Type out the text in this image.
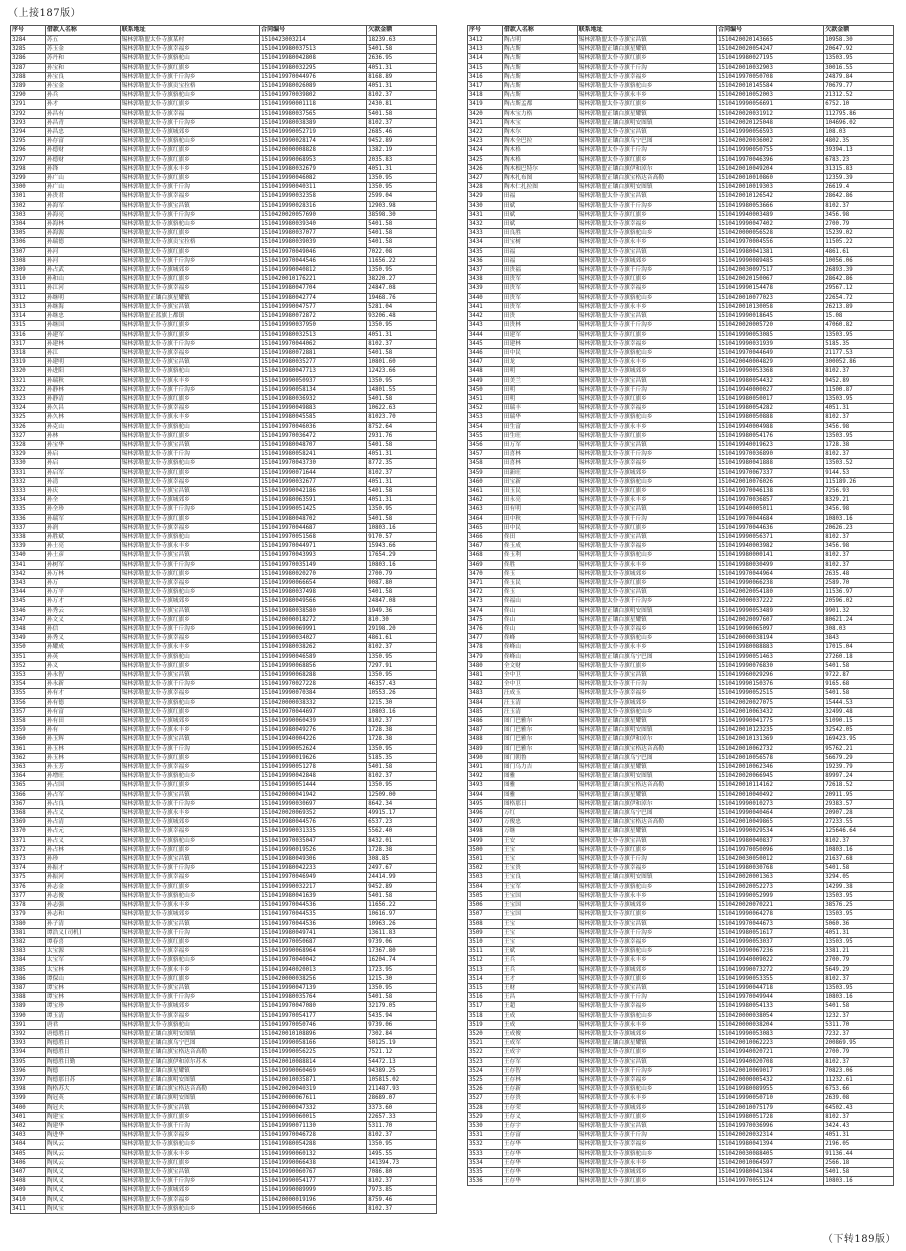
（上接187版）
序号	借款人名称	联系地址	合同编号	欠款金额
3284	苏五	锡林郭勒盟太仆寺旗某村	1510423003214	18239.63
3285	苏玉金	锡林郭勒盟太仆寺旗幸福乡	1510419980037513	5401.58
3286	苏丹和	锡林郭勒盟太仆寺旗骆驼山	1510419980042808	2636.95
3287	孙宝和	锡林郭勒盟太仆寺旗红旗乡	1510419980032295	4051.31
3288	孙宝良	锡林郭勒盟太仆寺旗千斤沟乡	1510419970044976	8168.89
3289	孙宝金	锡林郭勒盟太仆寺旗贡宝拉格	1510419980026089	4051.31
3290	孙兵	锡林郭勒盟太仆寺旗骆驼山乡	1510419970039802	8102.37
3291	孙才	锡林郭勒盟太仆寺旗红旗乡	1510419990001118	2430.81
3292	孙昌有	锡林郭勒盟太仆寺旗幸福	1510419980037565	5401.58
3293	孙昌青	锡林郭勒盟太仆寺旗千斤沟乡	1510419980038389	8102.37
3294	孙昌忠	锡林郭勒盟太仆寺旗城郊乡	1510419990052719	2685.46
3295	孙存富	锡林郭勒盟太仆寺旗骆驼山乡	1510419990028174	9452.89
3296	孙德财	锡林郭勒盟太仆寺旗红旗乡	1510420000008828	1382.19
3297	孙德财	锡林郭勒盟太仆寺旗红旗乡	1510419990068953	2035.83
3298	孙锋	锡林郭勒盟太仆寺旗永丰乡	1510419980032679	4051.31
3299	孙广山	锡林郭勒盟太仆寺旗红旗乡	1510419990046082	1350.95
3300	孙广山	锡林郭勒盟太仆寺旗千斤沟	1510419990040311	1350.95
3301	孙贵君	锡林郭勒盟太仆寺旗幸福乡	1510419990032358	2599.04
3302	孙海军	锡林郭勒盟太仆寺旗宝昌镇	1510419990028316	12903.98
3303	孙海亮	锡林郭勒盟太仆寺旗千斤沟乡	1510420020057690	38598.30
3304	孙海林	锡林郭勒盟太仆寺旗骆驼山乡	1510419980039340	5401.58
3305	孙海源	锡林郭勒盟太仆寺旗红旗乡	1510419980037077	5401.58
3306	孙瑞德	锡林郭勒盟太仆寺旗贡宝拉格	1510419980039039	5401.58
3307	孙河	锡林郭勒盟太仆寺旗红旗乡	1510419970049046	7022.08
3308	孙河	锡林郭勒盟太仆寺旗千斤沟乡	1510419970044546	11656.22
3309	孙占武	锡林郭勒盟太仆寺旗城郊乡	1510419990040812	1350.95
3310	孙和山	锡林郭勒盟太仆寺旗红旗乡	1510420010176221	38220.27
3311	孙江河	锡林郭勒盟太仆寺旗幸福乡	1510419980047704	24847.08
3312	孙继明	锡林郭勒盟正镶白旗星耀镇	1510419980042774	19468.76
3313	孙继海	锡林郭勒盟太仆寺旗宝昌镇	1510419990047577	5281.04
3314	孙继忠	锡林郭勒盟正蓝旗上都镇	1510419980072872	93206.48
3315	孙继国	锡林郭勒盟太仆寺旗红旗乡	1510419990037950	1350.95
3316	孙建军	锡林郭勒盟太仆寺旗红旗乡	1510419980032513	4051.31
3317	孙建林	锡林郭勒盟太仆寺旗千斤沟乡	1510419970044062	8102.37
3318	孙江	锡林郭勒盟太仆寺旗幸福乡	1510419980072881	5401.58
3319	孙建明	锡林郭勒盟太仆寺旗宝昌镇	1510419980035277	10801.60
3320	孙进阳	锡林郭勒盟太仆寺旗骆驼山	1510419980047713	12423.66
3321	孙瑞秋	锡林郭勒盟太仆寺旗永丰乡	1510419990050937	1350.95
3322	孙静林	锡林郭勒盟太仆寺旗千斤沟乡	1510419990058134	14801.55
3323	孙静清	锡林郭勒盟太仆寺旗红旗乡	1510419980036932	5401.58
3324	孙久昌	锡林郭勒盟太仆寺旗幸福乡	1510419990049883	10622.63
3325	孙久林	锡林郭勒盟太仆寺旗永丰乡	1510419980045585	81023.70
3326	孙克山	锡林郭勒盟太仆寺旗骆驼山	1510419970046036	8752.64
3327	孙林	锡林郭勒盟太仆寺旗红旗乡	1510419970036472	2931.76
3328	孙宝华	锡林郭勒盟太仆寺旗宝昌镇	1510419980048707	5401.58
3329	孙启	锡林郭勒盟太仆寺旗千斤沟	1510419980058241	4051.31
3330	孙启	锡林郭勒盟太仆寺旗骆驼山乡	1510419970043730	8772.35
3331	孙启军	锡林郭勒盟太仆寺旗红旗乡	1510419990071644	8102.37
3332	孙清	锡林郭勒盟太仆寺旗幸福乡	1510419990032677	4051.31
3333	孙庆	锡林郭勒盟太仆寺旗宝昌镇	1510419990042186	5401.58
3334	孙全	锡林郭勒盟太仆寺旗城郊乡	1510419980063591	4051.31
3335	孙全珍	锡林郭勒盟太仆寺旗千斤沟乡	1510419990051425	1350.95
3336	孙瑞军	锡林郭勒盟太仆寺旗红旗乡	1510419980048702	5401.58
3337	孙润	锡林郭勒盟太仆寺旗幸福乡	1510419970044687	10803.16
3338	孙胜斌	锡林郭勒盟太仆寺旗骆驼山	1510419970051568	9170.57
3339	孙士亮	锡林郭勒盟太仆寺旗永丰乡	1510419970044971	15943.66
3340	孙士彦	锡林郭勒盟太仆寺旗宝昌镇	1510419970043993	17654.29
3341	孙树军	锡林郭勒盟太仆寺旗千斤沟乡	1510419970035149	10803.16
3342	孙万林	锡林郭勒盟太仆寺旗红旗乡	1510419980020270	2700.79
3343	孙万	锡林郭勒盟太仆寺旗幸福乡	1510419990066654	9087.80
3344	孙万平	锡林郭勒盟太仆寺旗骆驼山乡	1510419980037498	5401.58
3345	孙万才	锡林郭勒盟太仆寺旗城郊乡	1510419980049566	24847.08
3346	孙秀云	锡林郭勒盟太仆寺旗宝昌镇	1510419980038580	1949.36
3347	孙文义	锡林郭勒盟太仆寺旗红旗乡	1510420000018272	810.30
3348	孙信	锡林郭勒盟太仆寺旗千斤沟乡	1510419990069991	29198.20
3349	孙秀义	锡林郭勒盟太仆寺旗幸福乡	1510419990034027	4861.61
3350	孙耀成	锡林郭勒盟太仆寺旗永丰乡	1510419980038262	8102.37
3351	孙英	锡林郭勒盟太仆寺旗骆驼山	1510419990046589	1350.95
3352	孙义	锡林郭勒盟太仆寺旗红旗乡	1510419990068856	7297.91
3353	孙永智	锡林郭勒盟太仆寺旗宝昌镇	1510419990068288	1350.95
3354	孙永新	锡林郭勒盟太仆寺旗千斤沟乡	1510419970027228	46357.43
3355	孙有才	锡林郭勒盟太仆寺旗幸福乡	1510419990070384	10553.26
3356	孙有德	锡林郭勒盟太仆寺旗骆驼山乡	1510420000038332	1215.30
3357	孙有富	锡林郭勒盟太仆寺旗红旗乡	1510419970044697	10803.16
3358	孙有田	锡林郭勒盟太仆寺旗城郊乡	1510419990060439	8102.37
3359	孙有	锡林郭勒盟太仆寺旗永丰乡	1510419980049276	1728.38
3360	孙玉辉	锡林郭勒盟太仆寺旗宝昌镇	1510419940004226	1728.38
3361	孙玉林	锡林郭勒盟太仆寺旗千斤沟	1510419990052624	1350.95
3362	孙玉林	锡林郭勒盟太仆寺旗红旗乡	1510419990019626	5185.35
3363	孙玉芳	锡林郭勒盟太仆寺旗幸福乡	1510419990051278	5401.58
3364	孙增旺	锡林郭勒盟太仆寺旗骆驼山乡	1510419990042848	8102.37
3365	孙占国	锡林郭勒盟太仆寺旗红旗乡	1510419990051444	1350.95
3366	孙占军	锡林郭勒盟太仆寺旗宝昌镇	1510420000041942	12509.00
3367	孙占良	锡林郭勒盟太仆寺旗千斤沟乡	1510419990030697	8642.34
3368	孙占义	锡林郭勒盟太仆寺旗永丰乡	1510420020069352	49915.17
3369	孙占清	锡林郭勒盟太仆寺旗城郊乡	1510419980044576	6537.23
3370	孙占元	锡林郭勒盟太仆寺旗幸福乡	1510419990031335	5562.40
3371	孙占义	锡林郭勒盟太仆寺旗骆驼山乡	1510419970035047	8432.01
3372	孙占林	锡林郭勒盟太仆寺旗红旗乡	1510419990019526	1728.38
3373	孙珍	锡林郭勒盟太仆寺旗宝昌镇	1510419980049306	308.85
3374	孙振才	锡林郭勒盟太仆寺旗千斤沟乡	1510419980042233	2497.67
3375	孙振河	锡林郭勒盟太仆寺旗幸福乡	1510419970046949	24414.99
3376	孙志金	锡林郭勒盟太仆寺旗红旗乡	1510419990032217	9452.89
3377	孙志俊	锡林郭勒盟太仆寺旗骆驼山乡	1510419980041639	5401.58
3378	孙志强	锡林郭勒盟太仆寺旗永丰乡	1510419970044536	11656.22
3379	孙志和	锡林郭勒盟太仆寺旗城郊乡	1510419970044535	10616.97
3380	孙子清	锡林郭勒盟太仆寺旗宝昌镇	1510419970044536	10963.26
3381	谭浩义(司机)	锡林郭勒盟太仆寺旗千斤沟	1510419980049741	13611.83
3382	谭春喜	锡林郭勒盟太仆寺旗红旗乡	1510419970050687	9739.06
3383	太宝源	锡林郭勒盟太仆寺旗幸福乡	1510419990068964	17367.80
3384	太宝军	锡林郭勒盟太仆寺旗骆驼山乡	1510419970040042	16204.74
3385	太宝林	锡林郭勒盟太仆寺旗永丰乡	1510419940020013	1723.95
3386	谭保山	锡林郭勒盟太仆寺旗红旗乡	1510420000038256	1215.30
3387	谭宝林	锡林郭勒盟太仆寺旗宝昌镇	1510419990047139	1350.95
3388	谭宝林	锡林郭勒盟太仆寺旗千斤沟乡	1510419980035764	5401.58
3389	谭宝珍	锡林郭勒盟太仆寺旗城郊乡	1510419970047080	32179.05
3390	谭玉清	锡林郭勒盟太仆寺旗幸福乡	1510419970054177	5435.94
3391	唐君	锡林郭勒盟太仆寺旗骆驼山	1510419970050746	9739.06
3392	唐德胜日	锡林郭勒盟正镶白旗明安图镇	1510420010108896	7302.84
3393	陶德胜日	锡林郭勒盟正镶白旗乌宁巴图	1510419990058166	50125.19
3394	陶德胜日	锡林郭勒盟正镶白旗宝格达音高勒	1510419990056225	7521.12
3395	陶德胜日勤	锡林郭勒盟正镶白旗伊和淖尔苏木	1510420010088814	54472.13
3396	陶德	锡林郭勒盟正镶白旗星耀镇	1510419990060469	94389.25
3397	陶德那日苏	锡林郭勒盟正镶白旗明安图镇	1510420010035871	105815.02
3398	陶格苏大	锡林郭勒盟正镶白旗宝格达音高勒	1510420020040319	211487.93
3399	陶冠英	锡林郭勒盟正镶白旗明安图镇	1510420000067611	28689.07
3400	陶冠夫	锡林郭勒盟太仆寺旗宝昌镇	1510420000047332	3373.60
3401	陶建宝	锡林郭勒盟太仆寺旗红旗乡	1510419990060015	22657.33
3402	陶建华	锡林郭勒盟太仆寺旗千斤沟	1510419990071130	5311.70
3403	陶进华	锡林郭勒盟太仆寺旗幸福乡	1510419970046728	8102.37
3404	陶凤云	锡林郭勒盟太仆寺旗骆驼山乡	1510419980054288	1350.95
3405	陶凤云	锡林郭勒盟太仆寺旗永丰乡	1510419990060132	1495.55
3406	陶凤云	锡林郭勒盟太仆寺旗红旗乡	1510419990066438	141394.73
3407	陶凤义	锡林郭勒盟太仆寺旗宝昌镇	1510419990060767	7086.80
3408	陶凤义	锡林郭勒盟太仆寺旗千斤沟乡	1510419990054177	8102.37
3409	陶凤义	锡林郭勒盟太仆寺旗城郊乡	1510419990089999	7973.85
3410	陶凤义	锡林郭勒盟太仆寺旗幸福乡	1510420000019196	8759.46
3411	陶凤宝	锡林郭勒盟太仆寺旗骆驼山乡	1510419990050666	8102.37
序号	借款人名称	联系地址	合同编号	欠款金额
3412	陶占明	锡林郭勒盟太仆寺旗宝昌镇	1510420020143665	10958.30
3413	陶占斯	锡林郭勒盟正镶白旗星耀镇	1510420020054247	20647.92
3414	陶占斯	锡林郭勒盟太仆寺旗红旗乡	1510419980027195	13503.95
3415	陶占斯	锡林郭勒盟太仆寺旗千斤沟	1510420010032903	30016.55
3416	陶占斯	锡林郭勒盟太仆寺旗幸福乡	1510419970050708	24879.84
3417	陶占斯	锡林郭勒盟太仆寺旗骆驼山乡	1510420010145584	70679.77
3418	陶占斯	锡林郭勒盟太仆寺旗永丰乡	1510420010052003	21312.52
3419	陶占斯孟都	锡林郭勒盟太仆寺旗红旗乡	1510419990056691	6752.10
3420	陶木宝力格	锡林郭勒盟正镶白旗星耀镇	1510420020031912	112795.86
3421	陶木宝	锡林郭勒盟正镶白旗明安图镇	1510420020125048	104696.02
3422	陶木尔	锡林郭勒盟太仆寺旗宝昌镇	1510419990056593	108.03
3423	陶木全巴拉	锡林郭勒盟正镶白旗乌宁巴图	1510420020036002	4802.35
3424	陶木格	锡林郭勒盟太仆寺旗千斤沟	1510419990050755	39394.13
3425	陶木格	锡林郭勒盟太仆寺旗红旗乡	1510419970046396	6783.23
3426	陶木根巴特尔	锡林郭勒盟正镶白旗伊和淖尔	1510420010049204	31315.83
3427	陶木扎布图	锡林郭勒盟正镶白旗宝格达音高勒	1510420010010860	12359.39
3428	陶木仁扎拉图	锡林郭勒盟正镶白旗明安图镇	1510420010019303	26619.4
3429	田福	锡林郭勒盟太仆寺旗宝昌镇	1510420010126542	28642.86
3430	田斌	锡林郭勒盟太仆寺旗千斤沟乡	1510419980053666	8102.37
3431	田斌	锡林郭勒盟太仆寺旗红旗乡	1510419940003489	3456.98
3432	田斌	锡林郭勒盟太仆寺旗幸福乡	1510419990047402	2700.79
3433	田良胜	锡林郭勒盟太仆寺旗骆驼山乡	1510420000056528	15239.02
3434	田宝树	锡林郭勒盟太仆寺旗永丰乡	1510419970004556	11505.22
3435	田福	锡林郭勒盟太仆寺旗宝昌镇	1510419980041381	4861.61
3436	田福	锡林郭勒盟太仆寺旗城郊乡	1510419990089485	10056.06
3437	田贵福	锡林郭勒盟太仆寺旗千斤沟乡	1510420030097517	26893.39
3438	田贵军	锡林郭勒盟太仆寺旗红旗乡	1510420020150067	28642.86
3439	田贵军	锡林郭勒盟太仆寺旗幸福乡	1510419990154478	29567.12
3440	田贵军	锡林郭勒盟太仆寺旗骆驼山乡	1510420010077023	22654.72
3441	田贵军	锡林郭勒盟太仆寺旗永丰乡	1510420010130058	26213.89
3442	田贵	锡林郭勒盟太仆寺旗宝昌镇	1510419990018645	15.08
3443	田贵林	锡林郭勒盟太仆寺旗千斤沟乡	1510420020005720	47060.82
3444	田建军	锡林郭勒盟太仆寺旗红旗乡	1510419990053085	13503.95
3445	田建林	锡林郭勒盟太仆寺旗幸福乡	1510419990031939	5185.35
3446	田中民	锡林郭勒盟太仆寺旗骆驼山乡	1510419970044649	21177.53
3447	田龙	锡林郭勒盟太仆寺旗永丰乡	1510420040004829	300052.86
3448	田明	锡林郭勒盟太仆寺旗城郊乡	1510419990053368	8102.37
3449	田美兰	锡林郭勒盟太仆寺旗宝昌镇	1510419980054432	9452.89
3450	田明	锡林郭勒盟太仆寺旗千斤沟	1510419940000027	11500.87
3451	田明	锡林郭勒盟太仆寺旗红旗乡	1510419980050017	13503.95
3452	田瑞丰	锡林郭勒盟太仆寺旗幸福乡	1510419980054282	4051.31
3453	田瑞华	锡林郭勒盟太仆寺旗骆驼山乡	1510419980050888	8102.37
3454	田生富	锡林郭勒盟太仆寺旗永丰乡	1510419940004988	3456.98
3455	田生旺	锡林郭勒盟太仆寺旗红旗乡	1510419980054176	13503.95
3456	田万军	锡林郭勒盟太仆寺旗宝昌镇	1510419940019623	1728.38
3457	田喜林	锡林郭勒盟太仆寺旗千斤沟乡	1510419970036890	8102.37
3458	田喜林	锡林郭勒盟太仆寺旗幸福乡	1510419980041888	13503.52
3459	田新旺	锡林郭勒盟太仆寺旗城郊乡	1510419970067337	9144.53
3460	田宝新	锡林郭勒盟太仆寺旗骆驼山乡	1510420010076026	115189.26
3461	田玉民	锡林郭勒盟太仆寺旗红旗乡	1510419970046138	7256.93
3462	田永亮	锡林郭勒盟太仆寺旗永丰乡	1510419970036857	8329.21
3463	田有明	锡林郭勒盟太仆寺旗宝昌镇	1510419940005011	3456.98
3464	田中秋	锡林郭勒盟太仆寺旗千斤沟	1510419970044684	10803.16
3465	田中民	锡林郭勒盟太仆寺旗红旗乡	1510419970044636	20626.23
3466	佟田	锡林郭勒盟太仆寺旗宝昌镇	1510419990056371	8102.37
3467	佟玉成	锡林郭勒盟太仆寺旗幸福乡	1510419940003982	3456.98
3468	佟玉利	锡林郭勒盟太仆寺旗骆驼山乡	1510419980000141	8102.37
3469	佟胜	锡林郭勒盟太仆寺旗永丰乡	1510419980030499	8102.37
3470	佟玉	锡林郭勒盟太仆寺旗城郊乡	1510419970044964	2635.48
3471	佟玉民	锡林郭勒盟太仆寺旗红旗乡	1510419990066238	2589.70
3472	佟玉	锡林郭勒盟太仆寺旗宝昌镇	1510420020054180	11536.97
3473	佟福山	锡林郭勒盟太仆寺旗千斤沟乡	1510420000037222	20596.02
3474	佟山	锡林郭勒盟正镶白旗明安图镇	1510419990053489	9901.32
3475	佟山	锡林郭勒盟正镶白旗星耀镇	1510420020097607	80621.24
3476	佟山	锡林郭勒盟太仆寺旗幸福乡	1510419990065097	308.03
3477	佟峰	锡林郭勒盟太仆寺旗骆驼山乡	1510420000038194	3843
3478	佟峰山	锡林郭勒盟太仆寺旗永丰乡	1510419980088883	17015.04
3479	佟峰山	锡林郭勒盟正镶白旗乌宁巴图	1510419990051463	27260.18
3480	全文财	锡林郭勒盟太仆寺旗红旗乡	1510419990076830	5401.58
3481	全中卫	锡林郭勒盟太仆寺旗宝昌镇	1510419960029296	9722.87
3482	全中卫	锡林郭勒盟太仆寺旗千斤沟	1510419990150376	9165.68
3483	汪成玉	锡林郭勒盟太仆寺旗幸福乡	1510419990052515	5401.58
3484	汪玉清	锡林郭勒盟太仆寺旗城郊乡	1510420020027075	15444.53
3485	汪玉清	锡林郭勒盟太仆寺旗骆驼山乡	1510420010063432	32499.48
3486	图门巴雅尔	锡林郭勒盟正镶白旗星耀镇	1510419990041775	51090.15
3487	图门巴雅尔	锡林郭勒盟正镶白旗明安图镇	1510420010123235	32542.05
3488	图门巴雅尔	锡林郭勒盟正镶白旗伊和淖尔	1510420010131369	169423.95
3489	图门巴雅尔	锡林郭勒盟正镶白旗宝格达音高勒	1510420010062732	95762.21
3490	图门朝鲁	锡林郭勒盟正镶白旗乌宁巴图	1510420010056578	56679.29
3491	图门乌力吉	锡林郭勒盟正镶白旗星耀镇	1510420010062346	19239.79
3492	图雅	锡林郭勒盟正镶白旗明安图镇	1510420020066945	89997.24
3493	图雅	锡林郭勒盟正镶白旗宝格达音高勒	1510420010114162	72618.52
3494	图雅	锡林郭勒盟正镶白旗星耀镇	1510420010040492	20911.95
3495	图格那日	锡林郭勒盟正镶白旗伊和淖尔	1510419990010273	29383.57
3496	万红	锡林郭勒盟正镶白旗乌宁巴图	1510419990040464	20907.28
3497	万俊忠	锡林郭勒盟正镶白旗宝格达音高勒	1510420010049865	27233.55
3498	万继	锡林郭勒盟正镶白旗星耀镇	1510419990029534	125646.64
3499	王安	锡林郭勒盟太仆寺旗宝昌镇	1510419980040837	8102.37
3500	王宝	锡林郭勒盟太仆寺旗红旗乡	1510419970050096	10803.16
3501	王宝	锡林郭勒盟太仆寺旗千斤沟	1510420030050012	21637.68
3502	王宝贵	锡林郭勒盟太仆寺旗幸福乡	1510419980030768	5401.58
3503	王宝良	锡林郭勒盟正镶白旗明安图镇	1510420020001363	3294.05
3504	王宝军	锡林郭勒盟太仆寺旗骆驼山乡	1510420020052273	14299.38
3505	王宝国	锡林郭勒盟太仆寺旗永丰乡	1510419990052999	13503.95
3506	王宝国	锡林郭勒盟太仆寺旗城郊乡	1510420020070221	38576.25
3507	王宝国	锡林郭勒盟太仆寺旗红旗乡	1510419990064278	13503.95
3508	王宝	锡林郭勒盟太仆寺旗宝昌镇	1510419970044673	5060.36
3509	王宝	锡林郭勒盟太仆寺旗千斤沟乡	1510419980051617	4051.31
3510	王宝	锡林郭勒盟太仆寺旗幸福乡	1510419990053037	13503.95
3511	王斌	锡林郭勒盟太仆寺旗骆驼山乡	1510419990067236	3381.21
3512	王兵	锡林郭勒盟太仆寺旗永丰乡	1510419940009022	2700.79
3513	王兵	锡林郭勒盟太仆寺旗城郊乡	1510419990073272	5649.29
3514	王才	锡林郭勒盟太仆寺旗红旗乡	1510419990053355	8102.37
3515	王财	锡林郭勒盟太仆寺旗宝昌镇	1510419990044718	13503.95
3516	王昌	锡林郭勒盟太仆寺旗千斤沟	1510419970049944	10803.16
3517	王超	锡林郭勒盟太仆寺旗幸福乡	1510419980054133	5401.58
3518	王成	锡林郭勒盟太仆寺旗骆驼山乡	1510420000038054	1232.37
3519	王成	锡林郭勒盟太仆寺旗永丰乡	1510420000038204	5311.70
3520	王成俊	锡林郭勒盟太仆寺旗城郊乡	1510419990053083	7232.37
3521	王成军	锡林郭勒盟正镶白旗星耀镇	1510420010062223	200869.95
3522	王成宇	锡林郭勒盟太仆寺旗红旗乡	1510419940020721	2700.79
3523	王存军	锡林郭勒盟太仆寺旗宝昌镇	1510419940020708	8102.37
3524	王存智	锡林郭勒盟太仆寺旗千斤沟乡	1510420010069017	70823.06
3525	王存林	锡林郭勒盟太仆寺旗幸福乡	1510420000005432	11232.61
3526	王存新	锡林郭勒盟太仆寺旗骆驼山乡	1510419980089955	6753.66
3527	王存贵	锡林郭勒盟太仆寺旗永丰乡	1510419990050710	2639.08
3528	王存荣	锡林郭勒盟太仆寺旗城郊乡	1510420010075179	64502.43
3529	王存义	锡林郭勒盟太仆寺旗红旗乡	1510419980051728	8102.37
3530	王存宇	锡林郭勒盟太仆寺旗宝昌镇	1510419970036996	3424.43
3531	王存富	锡林郭勒盟太仆寺旗千斤沟	1510420020032314	4051.31
3532	王存华	锡林郭勒盟太仆寺旗幸福乡	1510419980041394	2196.05
3533	王存华	锡林郭勒盟太仆寺旗骆驼山乡	1510420030088405	91136.44
3534	王存华	锡林郭勒盟太仆寺旗永丰乡	1510420010064597	2566.18
3535	王存华	锡林郭勒盟太仆寺旗城郊乡	1510419980041384	5401.58
3536	王存华	锡林郭勒盟太仆寺旗红旗乡	1510419970055124	10803.16
（下转189版）
